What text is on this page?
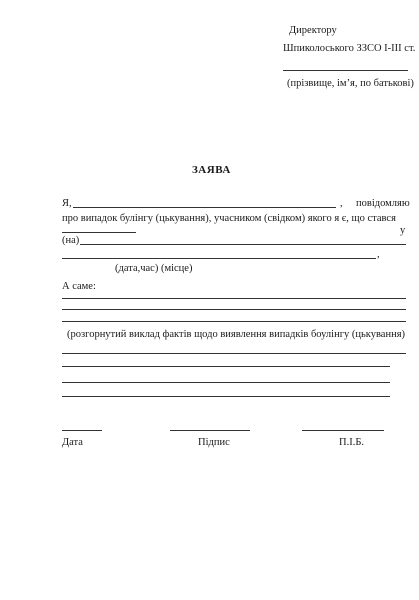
Директору
Шпиколоського ЗЗСО І-ІІІ ст.
(прізвище, ім’я, по батькові)
ЗАЯВА
Я,	, повідомляю
про випадок булінгу (цькування), учасником (свідком) якого я є, що стався
у
(на)
,
(дата,час) (місце)
А саме:
(розгорнутий виклад фактів щодо виявлення випадків боулінгу (цькування)
Дата	Підпис	П.І.Б.
